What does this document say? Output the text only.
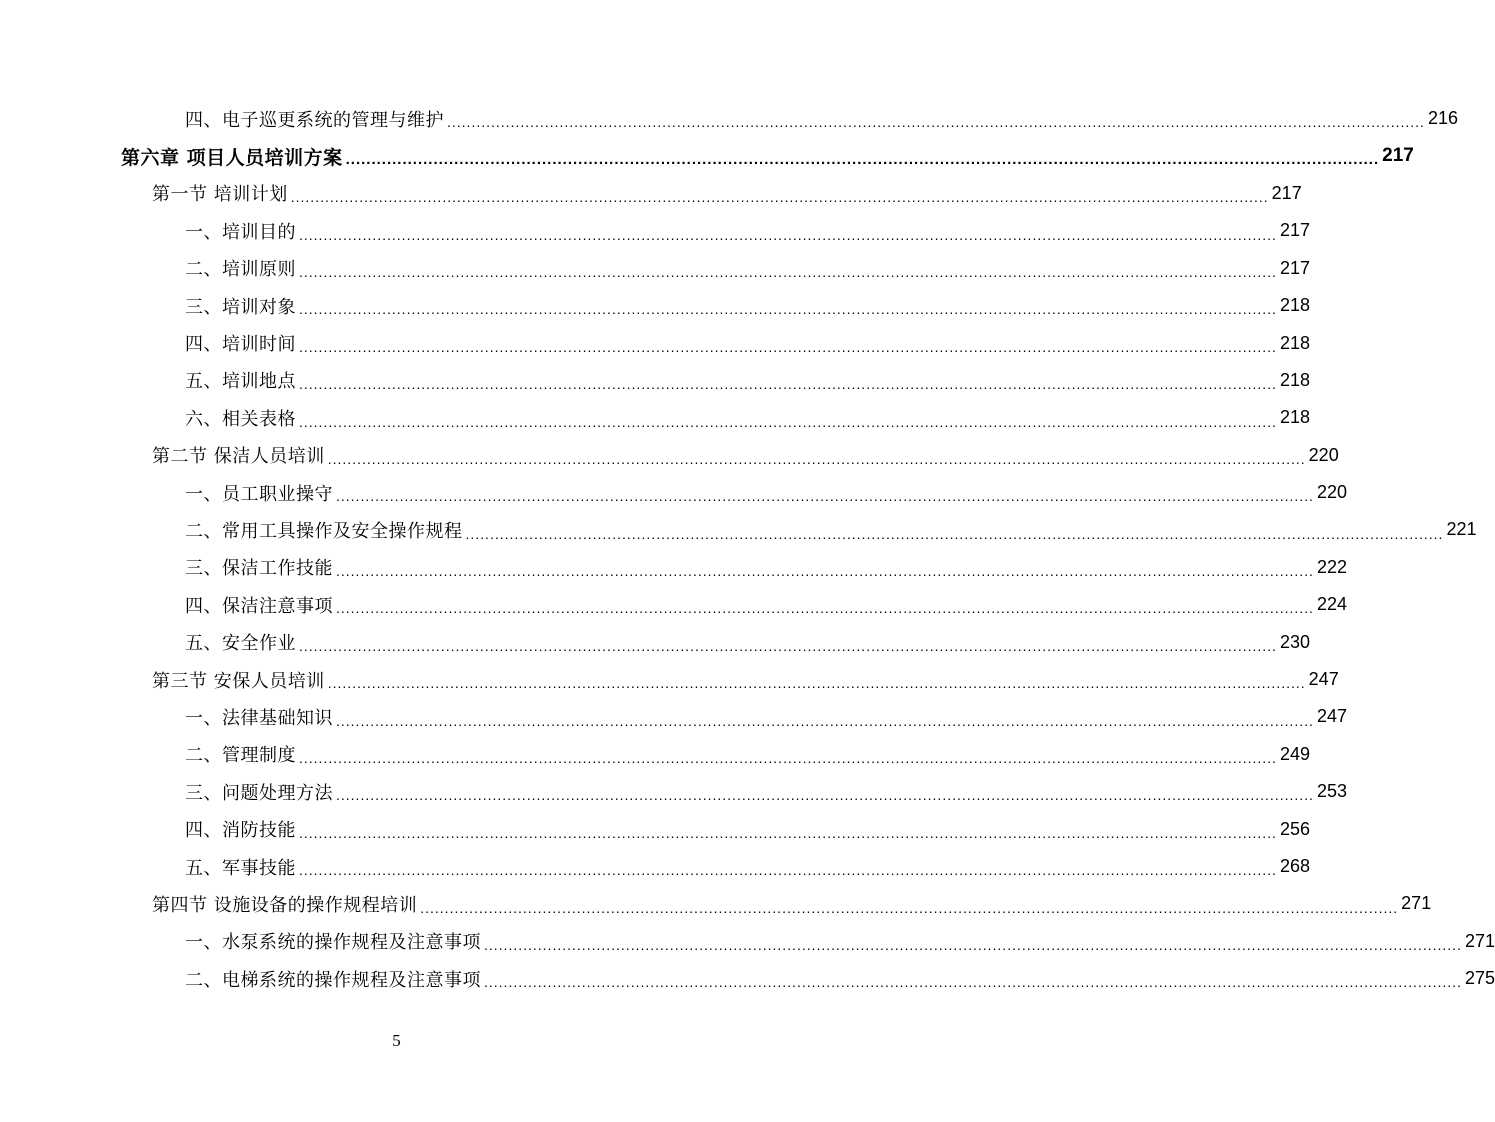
四、电子巡更系统的管理与维护 ........................................................................................................................................................................................................ 216
第六章 项目人员培训方案 ........................................................................................................................................................................................................ 217
第一节 培训计划 ........................................................................................................................................................................................................ 217
一、培训目的 ........................................................................................................................................................................................................ 217
二、培训原则 ........................................................................................................................................................................................................ 217
三、培训对象 ........................................................................................................................................................................................................ 218
四、培训时间 ........................................................................................................................................................................................................ 218
五、培训地点 ........................................................................................................................................................................................................ 218
六、相关表格 ........................................................................................................................................................................................................ 218
第二节 保洁人员培训 ........................................................................................................................................................................................................ 220
一、员工职业操守 ........................................................................................................................................................................................................ 220
二、常用工具操作及安全操作规程 ........................................................................................................................................................................................................ 221
三、保洁工作技能 ........................................................................................................................................................................................................ 222
四、保洁注意事项 ........................................................................................................................................................................................................ 224
五、安全作业 ........................................................................................................................................................................................................ 230
第三节 安保人员培训 ........................................................................................................................................................................................................ 247
一、法律基础知识 ........................................................................................................................................................................................................ 247
二、管理制度 ........................................................................................................................................................................................................ 249
三、问题处理方法 ........................................................................................................................................................................................................ 253
四、消防技能 ........................................................................................................................................................................................................ 256
五、军事技能 ........................................................................................................................................................................................................ 268
第四节 设施设备的操作规程培训 ........................................................................................................................................................................................................ 271
一、水泵系统的操作规程及注意事项 ........................................................................................................................................................................................................ 271
二、电梯系统的操作规程及注意事项 ........................................................................................................................................................................................................ 275
5
